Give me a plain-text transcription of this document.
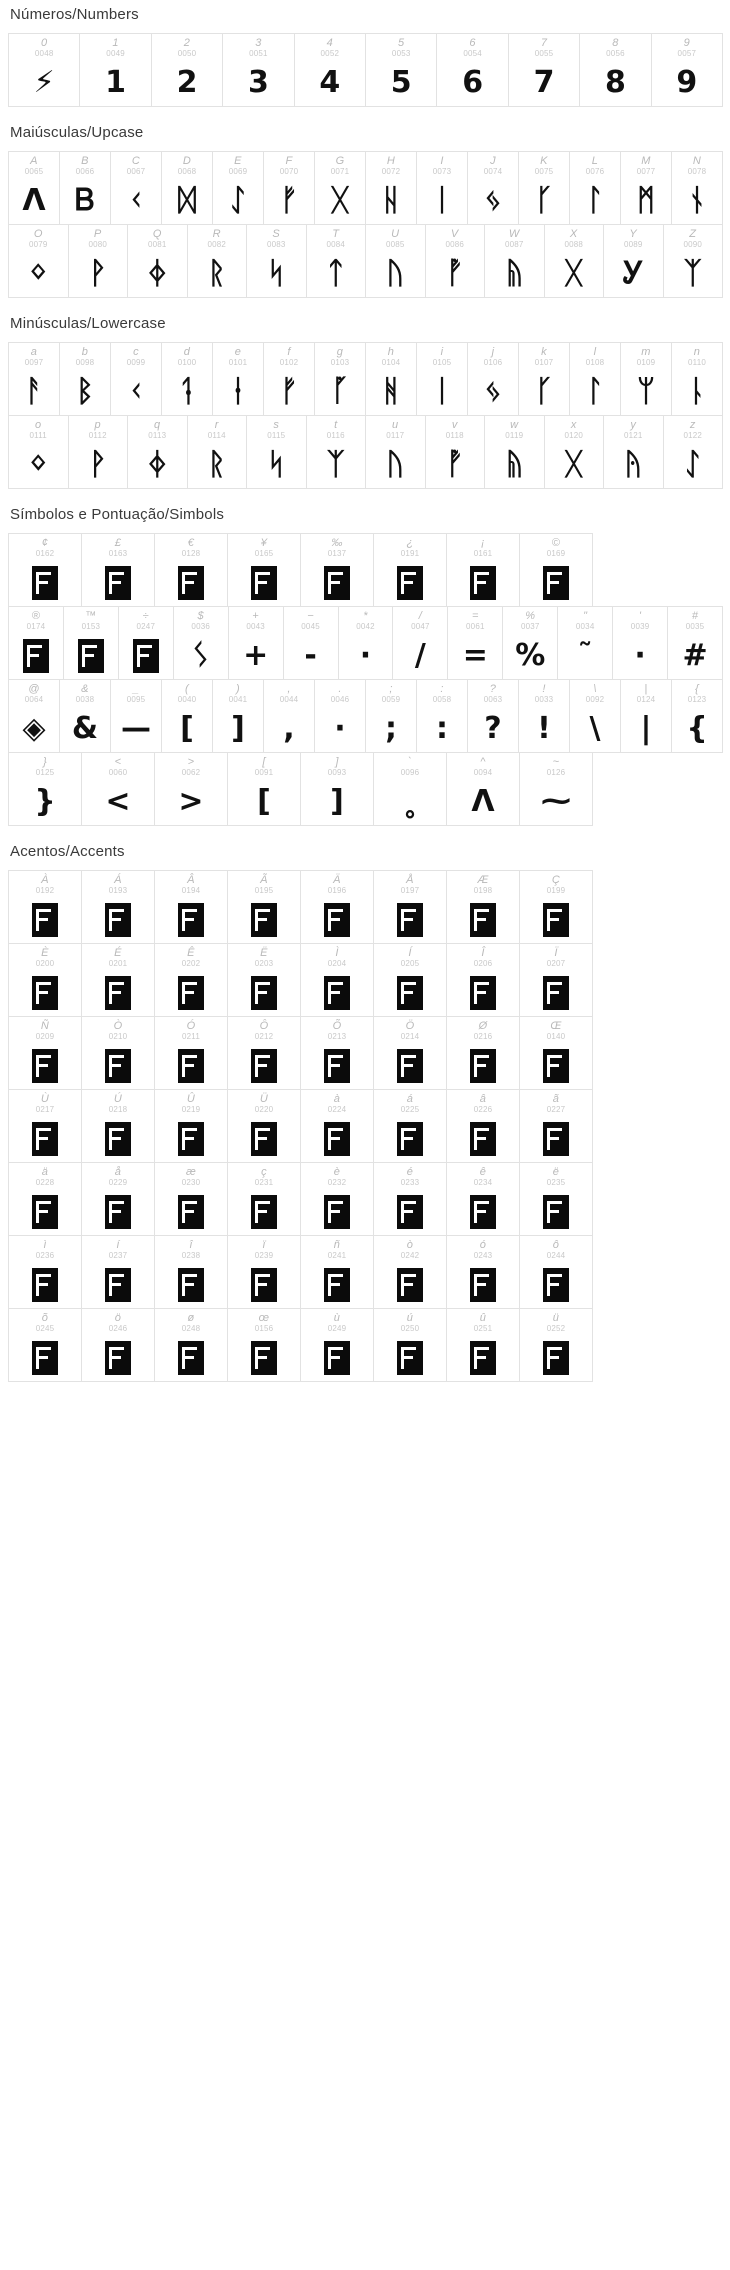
Números/Numbers
0
0048
⚡
1
0049
1
2
0050
2
3
0051
3
4
0052
4
5
0053
5
6
0054
6
7
0055
7
8
0056
8
9
0057
9
Maiúsculas/Upcase
A
0065
Λ
B
0066
Ᏼ
C
0067
ᚲ
D
0068
ᛞ
E
0069
ᛇ
F
0070
ᚠ
G
0071
ᚷ
H
0072
ᚺ
I
0073
ᛁ
J
0074
ᛃ
K
0075
ᚴ
L
0076
ᛚ
M
0077
ᛗ
N
0078
ᚾ
O
0079
ᛜ
P
0080
ᚹ
Q
0081
ᛄ
R
0082
ᚱ
S
0083
ᛋ
T
0084
ᛏ
U
0085
ᚢ
V
0086
ᚡ
W
0087
ᚥ
X
0088
ᚷ
Y
0089
Ꭹ
Z
0090
ᛉ
Minúsculas/Lowercase
a
0097
ᚨ
b
0098
ᛒ
c
0099
ᚲ
d
0100
ᛑ
e
0101
ᛂ
f
0102
ᚠ
g
0103
ᚵ
h
0104
ᚻ
i
0105
ᛁ
j
0106
ᛃ
k
0107
ᚴ
l
0108
ᛚ
m
0109
ᛘ
n
0110
ᚿ
o
0111
ᛜ
p
0112
ᚹ
q
0113
ᛄ
r
0114
ᚱ
s
0115
ᛋ
t
0116
ᛉ
u
0117
ᚢ
v
0118
ᚡ
w
0119
ᚥ
x
0120
ᚷ
y
0121
ᚤ
z
0122
ᛇ
Símbolos e Pontuação/Simbols
¢
0162
£
0163
€
0128
¥
0165
‰
0137
¿
0191
¡
0161
©
0169
®
0174
™
0153
÷
0247
$
0036
ᛊ
+
0043
+
−
0045
-
*
0042
·
/
0047
/
=
0061
=
%
0037
%
"
0034
˜
'
0039
·
#
0035
#
@
0064
◈
&
0038
&
_
0095
—
(
0040
[
)
0041
]
,
0044
,
.
0046
·
;
0059
;
:
0058
:
?
0063
?
!
0033
!
\
0092
\
|
0124
|
{
0123
{
}
0125
}
<
0060
<
>
0062
>
[
0091
[
]
0093
]
`
0096
˳
^
0094
ᐱ
~
0126
⁓
Acentos/Accents
À
0192
Á
0193
Â
0194
Ã
0195
Ä
0196
Å
0197
Æ
0198
Ç
0199
È
0200
É
0201
Ê
0202
Ë
0203
Ì
0204
Í
0205
Î
0206
Ï
0207
Ñ
0209
Ò
0210
Ó
0211
Ô
0212
Õ
0213
Ö
0214
Ø
0216
Œ
0140
Ù
0217
Ú
0218
Û
0219
Ü
0220
à
0224
á
0225
â
0226
ã
0227
ä
0228
å
0229
æ
0230
ç
0231
è
0232
é
0233
ê
0234
ë
0235
ì
0236
í
0237
î
0238
ï
0239
ñ
0241
ò
0242
ó
0243
ô
0244
õ
0245
ö
0246
ø
0248
œ
0156
ù
0249
ú
0250
û
0251
ü
0252
